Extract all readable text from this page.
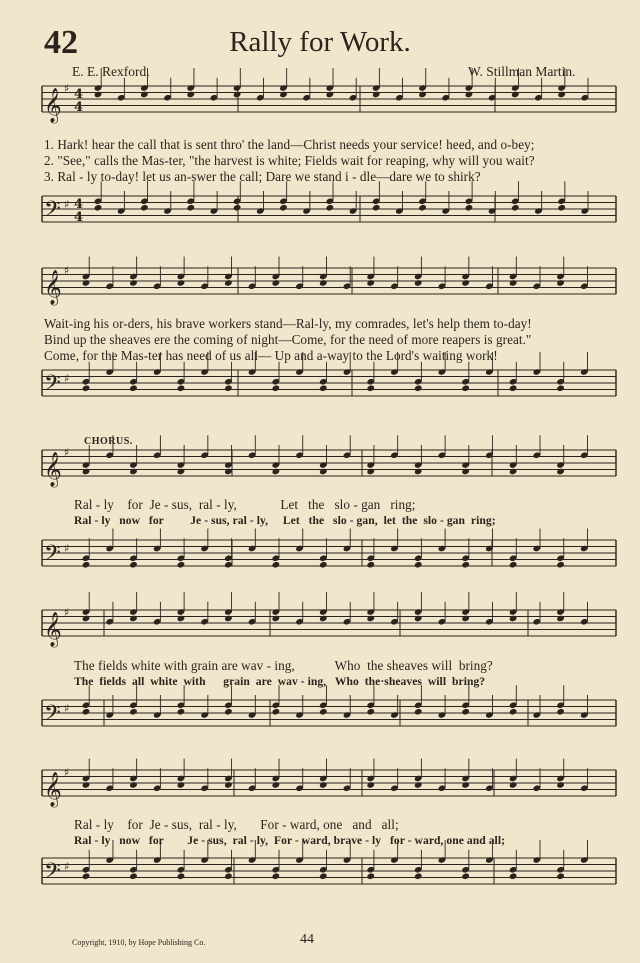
42	Rally for Work.
E. E. Rexford.	W. Stillman Martin.
𝄞 ♯ 4
4
𝄢 ♯ 4
4
𝄞 ♯
𝄢 ♯
𝄞 ♯
𝄢 ♯
𝄞 ♯
𝄢 ♯
𝄞 ♯
𝄢 ♯
1. Hark! hear the call that is sent thro' the land—Christ needs your service! heed, and o-bey;
2. "See," calls the Mas-ter, "the harvest is white; Fields wait for reaping, why will you wait?
3. Ral - ly to-day! let us an-swer the call; Dare we stand i - dle—dare we to shirk?
Wait-ing his or-ders, his brave workers stand—Ral-ly, my comrades, let's help them to-day!
Bind up the sheaves ere the coming of night—Come, for the need of more reapers is great."
Come, for the Mas-ter has need of us all— Up and a-way to the Lord's waiting work!
CHORUS.
Ral - ly    for  Je - sus,  ral - ly,             Let   the   slo - gan   ring;
Ral - ly   now   for         Je - sus, ral - ly,     Let   the   slo - gan,  let  the  slo - gan  ring;
The fields white with grain are wav - ing,            Who  the sheaves will  bring?
The  fields  all  white  with      grain  are  wav - ing,   Who  the·sheaves  will  bring?
Ral - ly    for  Je - sus,  ral - ly,       For - ward, one   and   all;
Ral - ly   now   for        Je - sus,  ral - ly,  For - ward, brave - ly   for - ward, one and all;
Copyright, 1910, by Hope Publishing Co.	44
